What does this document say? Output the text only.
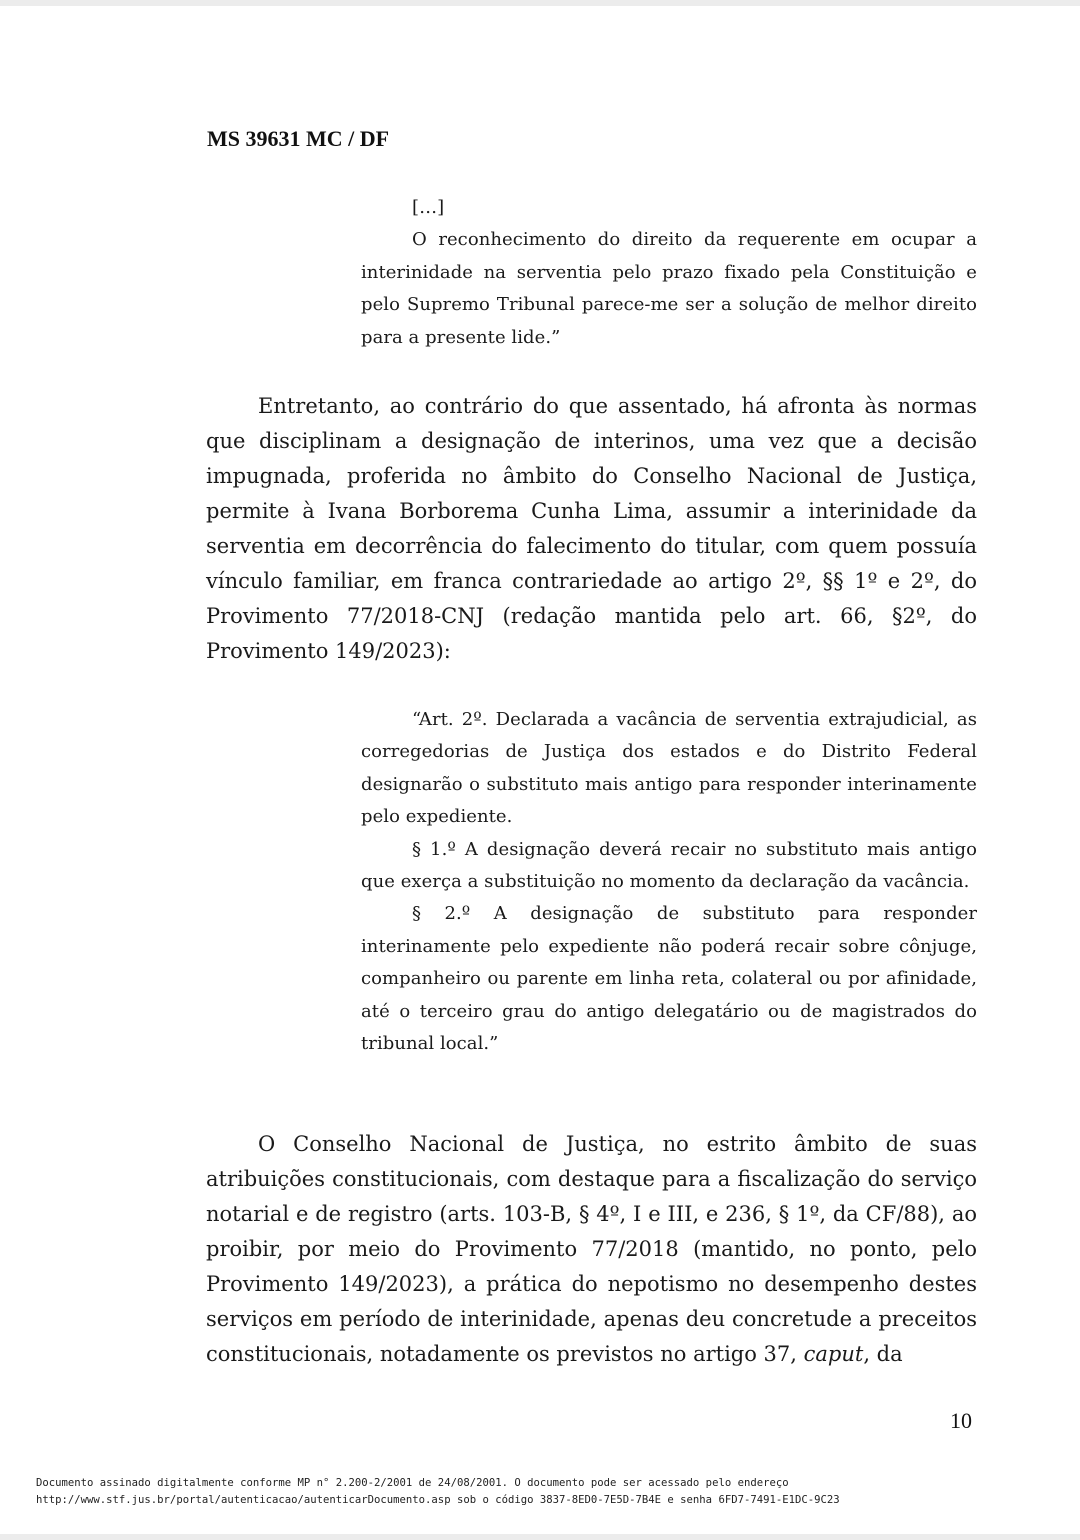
MS 39631 MC / DF

[…]

O reconhecimento do direito da requerente em ocupar a interinidade na serventia pelo prazo fixado pela Constituição e pelo Supremo Tribunal parece-me ser a solução de melhor direito para a presente lide.”

Entretanto, ao contrário do que assentado, há afronta às normas que disciplinam a designação de interinos, uma vez que a decisão impugnada, proferida no âmbito do Conselho Nacional de Justiça, permite à Ivana Borborema Cunha Lima, assumir a interinidade da serventia em decorrência do falecimento do titular, com quem possuía vínculo familiar, em franca contrariedade ao artigo 2º, §§ 1º e 2º, do Provimento 77/2018-CNJ (redação mantida pelo art. 66, §2º, do Provimento 149/2023):

“Art. 2º. Declarada a vacância de serventia extrajudicial, as corregedorias de Justiça dos estados e do Distrito Federal designarão o substituto mais antigo para responder interinamente pelo expediente.

§ 1.º A designação deverá recair no substituto mais antigo que exerça a substituição no momento da declaração da vacância.

§ 2.º A designação de substituto para responder interinamente pelo expediente não poderá recair sobre cônjuge, companheiro ou parente em linha reta, colateral ou por afinidade, até o terceiro grau do antigo delegatário ou de magistrados do tribunal local.”

O Conselho Nacional de Justiça, no estrito âmbito de suas atribuições constitucionais, com destaque para a fiscalização do serviço notarial e de registro (arts. 103-B, § 4º, I e III, e 236, § 1º, da CF/88), ao proibir, por meio do Provimento 77/2018 (mantido, no ponto, pelo Provimento 149/2023), a prática do nepotismo no desempenho destes serviços em período de interinidade, apenas deu concretude a preceitos constitucionais, notadamente os previstos no artigo 37, caput, da

10
Documento assinado digitalmente conforme MP n° 2.200-2/2001 de 24/08/2001. O documento pode ser acessado pelo endereço
http://www.stf.jus.br/portal/autenticacao/autenticarDocumento.asp sob o código 3837-8ED0-7E5D-7B4E e senha 6FD7-7491-E1DC-9C23
